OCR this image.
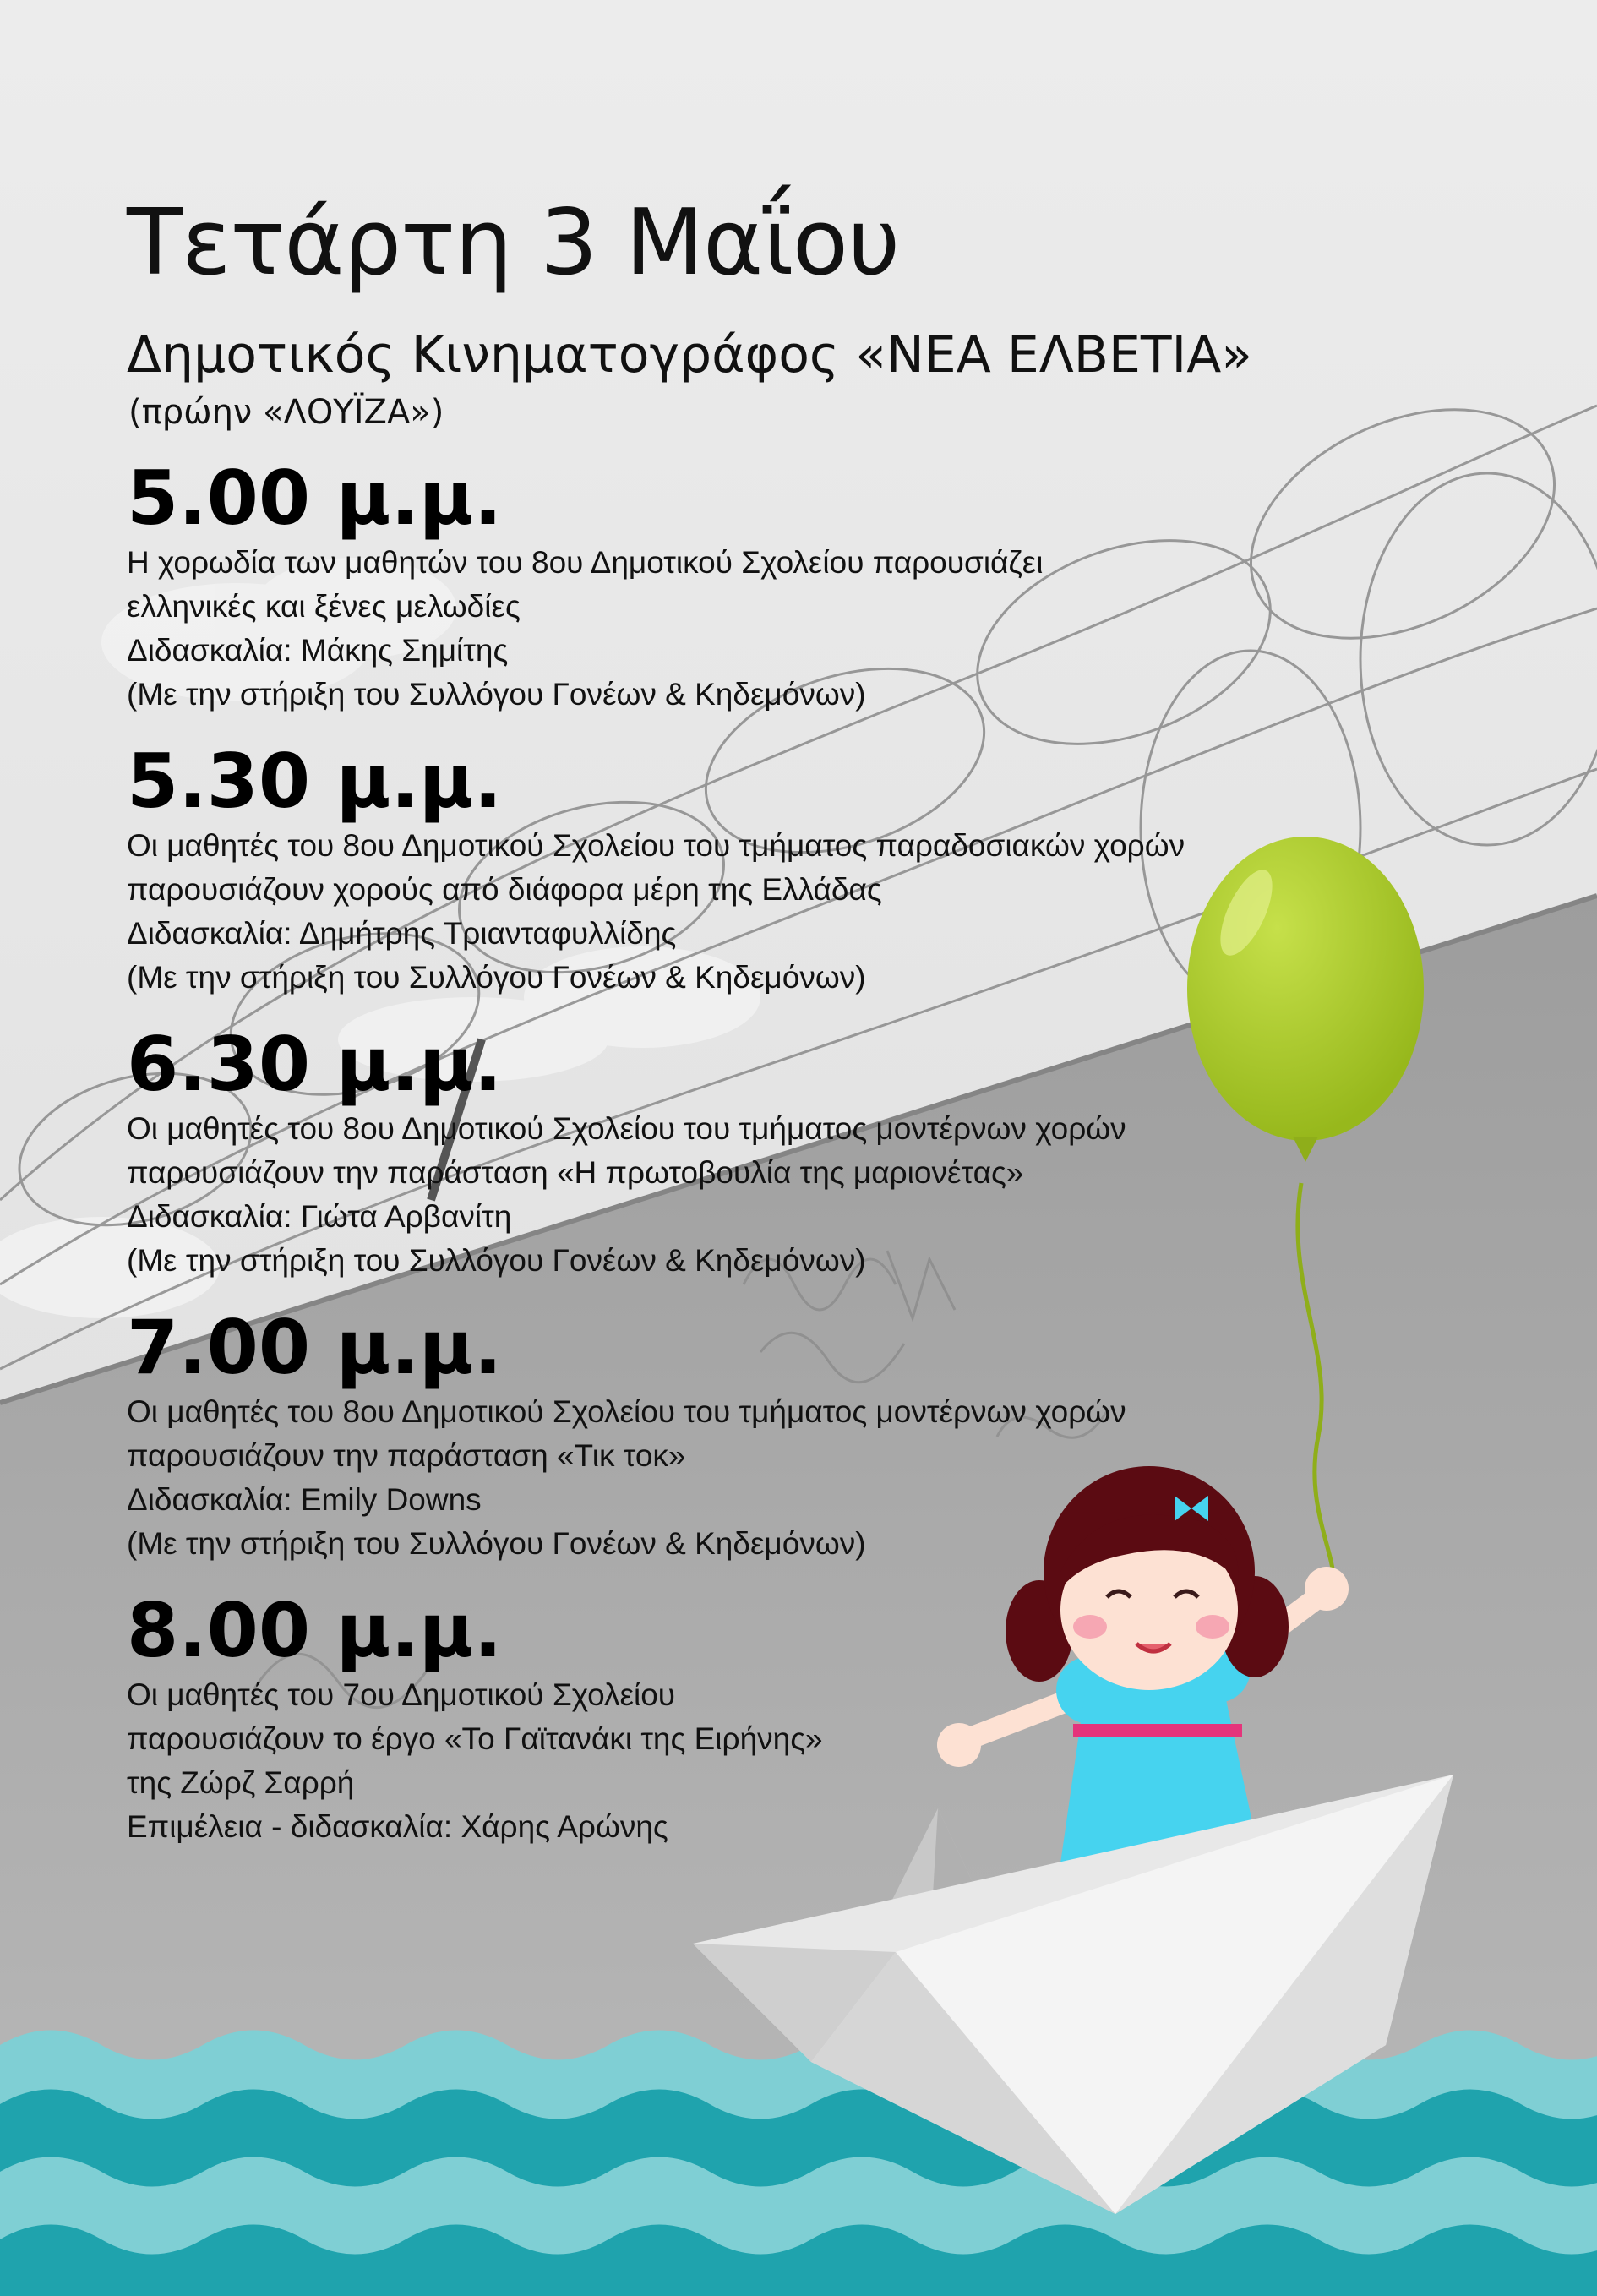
Τετάρτη 3 Μαΐου
Δημοτικός Κινηματογράφος «ΝΕΑ ΕΛΒΕΤΙΑ»
(πρώην «ΛΟΥΪΖΑ»)
5.00 μ.μ.
Η χορωδία των μαθητών του 8ου Δημοτικού Σχολείου παρουσιάζει
ελληνικές και ξένες μελωδίες
Διδασκαλία: Μάκης Σημίτης
(Με την στήριξη του Συλλόγου Γονέων & Κηδεμόνων)
5.30 μ.μ.
Οι μαθητές του 8ου Δημοτικού Σχολείου του τμήματος παραδοσιακών χορών
παρουσιάζουν χορούς από διάφορα μέρη της Ελλάδας
Διδασκαλία: Δημήτρης Τριανταφυλλίδης
(Με την στήριξη του Συλλόγου Γονέων & Κηδεμόνων)
6.30 μ.μ.
Οι μαθητές του 8ου Δημοτικού Σχολείου του τμήματος μοντέρνων χορών
παρουσιάζουν την παράσταση «Η πρωτοβουλία της μαριονέτας»
Διδασκαλία: Γιώτα Αρβανίτη
(Με την στήριξη του Συλλόγου Γονέων & Κηδεμόνων)
7.00 μ.μ.
Οι μαθητές του 8ου Δημοτικού Σχολείου του τμήματος μοντέρνων χορών
παρουσιάζουν την παράσταση «Τικ τοκ»
Διδασκαλία: Emily Downs
(Με την στήριξη του Συλλόγου Γονέων & Κηδεμόνων)
8.00 μ.μ.
Οι μαθητές του 7ου Δημοτικού Σχολείου
παρουσιάζουν το έργο «Το Γαϊτανάκι της Ειρήνης»
της Ζώρζ Σαρρή
Επιμέλεια - διδασκαλία: Χάρης Αρώνης
